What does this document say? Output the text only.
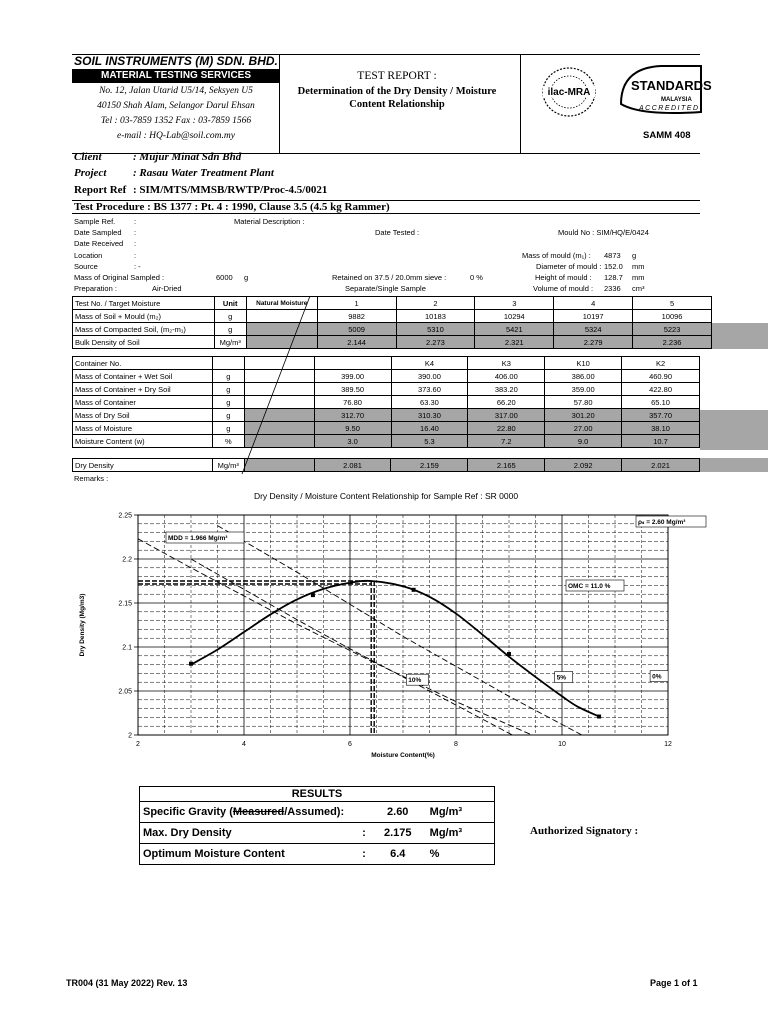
SOIL INSTRUMENTS (M) SDN. BHD.
MATERIAL TESTING SERVICES
No. 12, Jalan Utarid U5/14, Seksyen U5
40150 Shah Alam, Selangor Darul Ehsan
Tel : 03-7859 1352 Fax : 03-7859 1566
e-mail : HQ-Lab@soil.com.my
TEST REPORT :
Determination of the Dry Density / Moisture Content Relationship
ilac-MRA	STANDARDS
MALAYSIA
ACCREDITED
SAMM 408
Client	: Mujur Minat Sdn Bhd
Project : Rasau Water Treatment Plant
Report Ref : SIM/MTS/MMSB/RWTP/Proc-4.5/0021
Test Procedure : BS 1377 : Pt. 4 : 1990, Clause 3.5 (4.5 kg Rammer)
Sample Ref. :	Material Description :
Date Sampled :	Date Tested :	Mould No : SIM/HQ/E/0424
Date Received :
Location	:
Source	: -
Mass of Original Sampled :	6000 g	Retained on 37.5 / 20.0mm sieve :	0 %
Preparation :	Air-Dried	Separate/Single Sample
Mass of mould (m₁) : 4873 g
Diameter of mould : 152.0 mm
Height of mould : 128.7 mm
Volume of mould : 2336 cm³
Test No. / Target Moisture	Unit	Natural Moisture	1	2	3	4	5
Mass of Soil + Mould (m₂)	g		9882	10183	10294	10197	10096
Mass of Compacted Soil, (m₂-m₁)	g		5009	5310	5421	5324	5223
Bulk Density of Soil	Mg/m³		2.144	2.273	2.321	2.279	2.236
Container No.				K4	K3	K10	K2
Mass of Container + Wet Soil	g		399.00	390.00	406.00	386.00	460.90
Mass of Container + Dry Soil	g		389.50	373.60	383.20	359.00	422.80
Mass of Container	g		76.80	63.30	66.20	57.80	65.10
Mass of Dry Soil	g		312.70	310.30	317.00	301.20	357.70
Mass of Moisture	g		9.50	16.40	22.80	27.00	38.10
Moisture Content (w)	%		3.0	5.3	7.2	9.0	10.7
Dry Density	Mg/m³		2.081	2.159	2.165	2.092	2.021
Remarks :
Dry Density / Moisture Content Relationship for Sample Ref : SR 0000
2	4	6	8	10	12
2
2.05
2.1
2.15
2.2
2.25
Moisture Content(%)
Dry Density (Mg/m3)
MDD = 1.966 Mg/m³
OMC = 11.0 %
ρₛ = 2.60 Mg/m³
0%
5%
10%
RESULTS			
Specific Gravity (Measured/Assumed):		2.60	Mg/m³
Max. Dry Density	:	2.175	Mg/m³
Optimum Moisture Content	:	6.4	%
Authorized Signatory :
TR004 (31 May 2022) Rev. 13	Page 1 of 1
